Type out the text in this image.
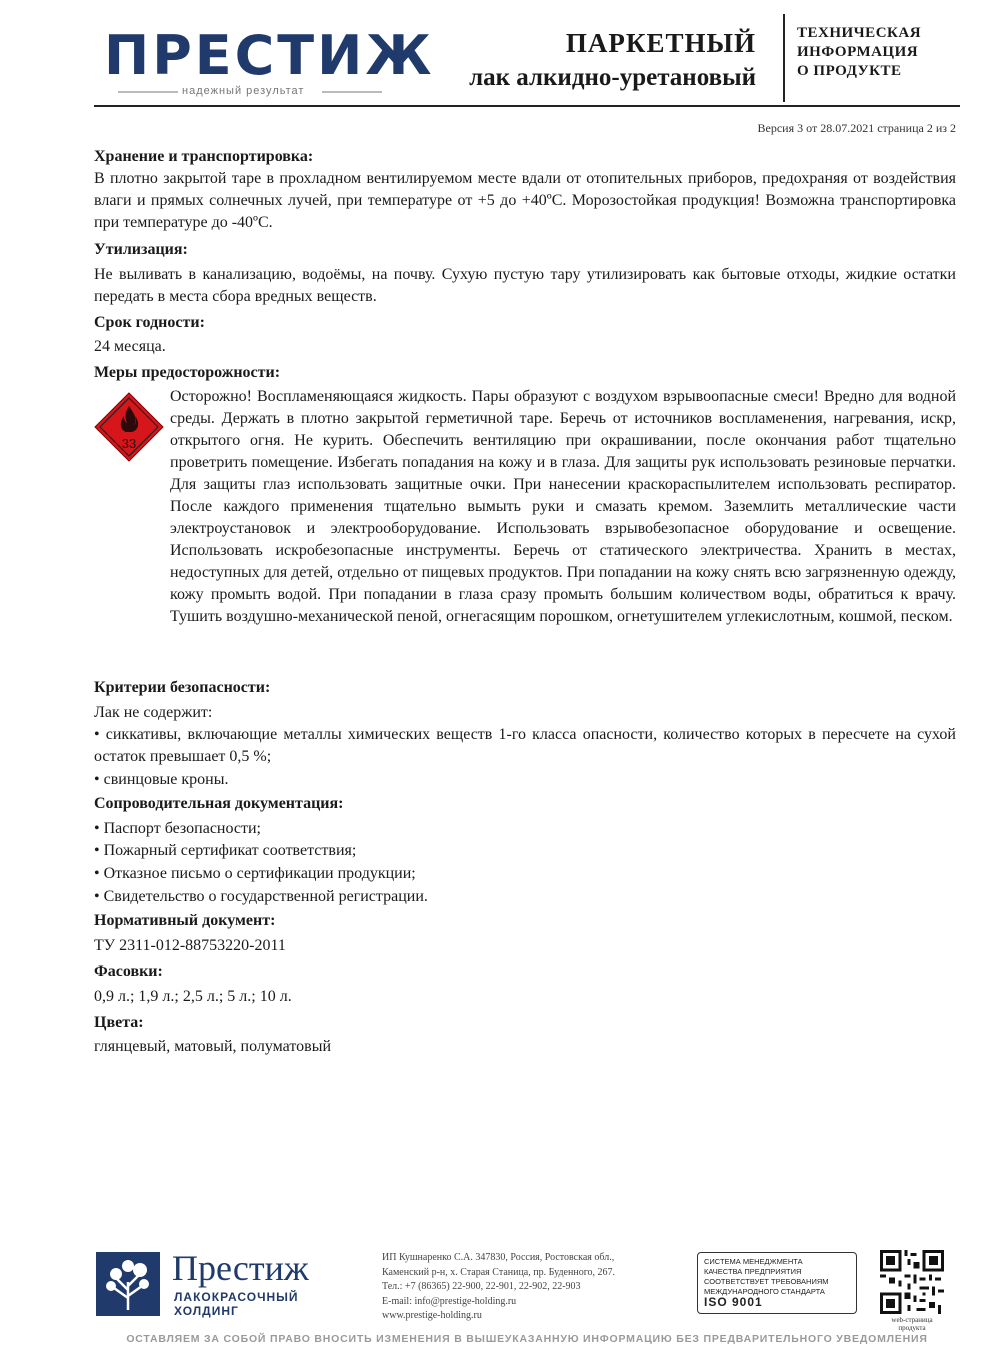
ПРЕСТИЖ
надежный результат
ПАРКЕТНЫЙ
лак алкидно-уретановый
ТЕХНИЧЕСКАЯ
ИНФОРМАЦИЯ
О ПРОДУКТЕ
Версия 3 от 28.07.2021 страница 2 из 2
Хранение и транспортировка:
В плотно закрытой таре в прохладном вентилируемом месте вдали от отопительных приборов, предохраняя от воздействия влаги и прямых солнечных лучей, при температуре от +5 до +40ºС. Морозостойкая продукция! Возможна транспортировка при температуре до -40ºС.
Утилизация:
Не выливать в канализацию, водоёмы, на почву. Сухую пустую тару утилизировать как бытовые отходы, жидкие остатки передать в места сбора вредных веществ.
Срок годности:
24 месяца.
Меры предосторожности:
33
Осторожно! Воспламеняющаяся жидкость. Пары образуют с воздухом взрывоопасные смеси! Вредно для водной среды. Держать в плотно закрытой герметичной таре. Беречь от источников воспламенения, нагревания, искр, открытого огня. Не курить. Обеспечить вентиляцию при окрашивании, после окончания работ тщательно проветрить помещение. Избегать попадания на кожу и в глаза. Для защиты рук использовать резиновые перчатки. Для защиты глаз использовать защитные очки. При нанесении краскораспылителем использовать респиратор. После каждого применения тщательно вымыть руки и смазать кремом. Заземлить металлические части электроустановок и электрооборудование. Использовать взрывобезопасное оборудование и освещение. Использовать искробезопасные инструменты. Беречь от статического электричества. Хранить в местах, недоступных для детей, отдельно от пищевых продуктов. При попадании на кожу снять всю загрязненную одежду, кожу промыть водой. При попадании в глаза сразу промыть большим количеством воды, обратиться к врачу. Тушить воздушно-механической пеной, огнегасящим порошком, огнетушителем углекислотным, кошмой, песком.
Критерии безопасности:
Лак не содержит:
• сиккативы, включающие металлы химических веществ 1-го класса опасности, количество которых в пересчете на сухой остаток превышает 0,5 %;
• свинцовые кроны.
Сопроводительная документация:
• Паспорт безопасности;
• Пожарный сертификат соответствия;
• Отказное письмо о сертификации продукции;
• Свидетельство о государственной регистрации.
Нормативный документ:
ТУ 2311-012-88753220-2011
Фасовки:
0,9 л.; 1,9 л.; 2,5 л.; 5 л.; 10 л.
Цвета:
глянцевый, матовый, полуматовый
Престиж
ЛАКОКРАСОЧНЫЙ
ХОЛДИНГ
ИП Кушнаренко С.А. 347830, Россия, Ростовская обл.,
Каменский р-н, х. Старая Станица, пр. Буденного, 267.
Тел.: +7 (86365) 22-900, 22-901, 22-902, 22-903
E-mail: info@prestige-holding.ru
www.prestige-holding.ru
СИСТЕМА МЕНЕДЖМЕНТА
КАЧЕСТВА ПРЕДПРИЯТИЯ
СООТВЕТСТВУЕТ ТРЕБОВАНИЯМ
МЕЖДУНАРОДНОГО СТАНДАРТА
ISO 9001
web-страница
продукта
ОСТАВЛЯЕМ ЗА СОБОЙ ПРАВО ВНОСИТЬ ИЗМЕНЕНИЯ В ВЫШЕУКАЗАННУЮ ИНФОРМАЦИЮ БЕЗ ПРЕДВАРИТЕЛЬНОГО УВЕДОМЛЕНИЯ
